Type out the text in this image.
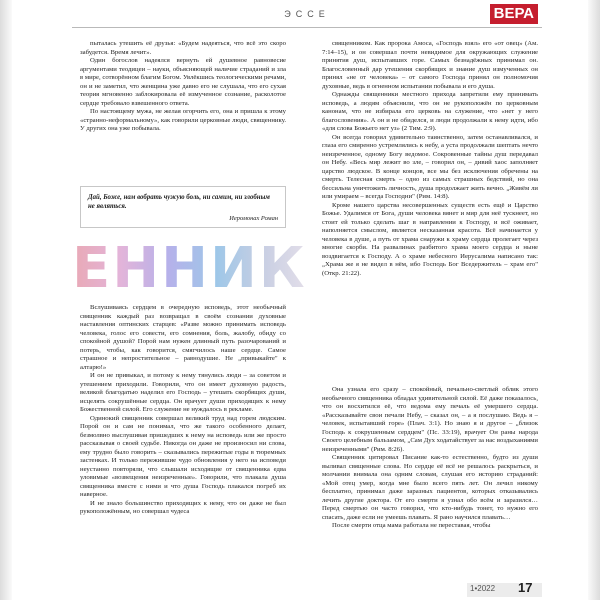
ЭССЕ	ВЕРА

пыталась утешить её друзья: «Будем надеяться, что всё это скоро забудется. Время лечит».

Один богослов надеялся вернуть ей душевное равновесие аргументами теодицеи – науки, объясняющей наличие страданий и зла в мире, сотворённом благим Богом. Увлёкшись теологическими речами, он и не заметил, что женщина уже давно его не слушала, что его сухая теория мгновенно заблокировала её измученное сознание, расколотое сердце требовало взвешенного ответа.

По настоящему мужа, не желая огорчить его, она и пришла к этому «странно-неформальному», как говорили церковные люди, священнику. У других она уже побывала.

Дай, Боже, нам вобрать чужую боль, ни самим, ни злобным не являться.
Иеромонах Роман
ЕННИК

Вслушиваясь сердцем в очередную исповедь, этот необычный священник каждый раз возвращал в своём сознании духовные наставления оптинских старцев: «Разве можно принимать исповедь человека, голос его совести, его сомнения, боль, жалобу, обиду со спокойной душой? Порой нам нужен длинный путь разочарований и потерь, чтобы, как говорится, смягчилось наше сердце. Самое страшное и непростительное – равнодушие. Не „привыкайте" к алтарю!»

И он не привыкал, и потому к нему тянулись люди – за советом и утешением приходили. Говорили, что он имеет духовную радость, великой благодатью наделил его Господь – утешать скорбящих души, исцелять сокрушённые сердца. Он врачует души приходящих к нему Божественной силой. Его служение не нуждалось в рекламе.

Одинокий священник совершал великий труд над горем людским. Порой он и сам не понимал, что же такого особенного делает, безмолвно выслушивая пришедших к нему на исповедь или же просто рассказывая о своей судьбе. Никогда он даже не произносил ни слова, ему трудно было говорить – сказывались пережитые годы в тюремных застенках. И только пережившие чудо обновления у него на исповеди неустанно повторяли, что слышали исходящие от священника едва уловимые «возвещения неизреченные». Говорили, что плакала душа священника вместе с ними и что душа Господь плакался погреб их наверное.

И не знало большинство приходящих к нему, что он даже не был рукоположённым, но совершал чудеса

священником. Как пророка Амоса, «Господь взял» его «от овец» (Ам. 7:14–15), и он совершал почти невидимое для окружающих служение принятия душ, испытавших горе. Самых безнадёжных принимал он. Благословенный дар утешения скорбящих и знание душ измученных он принял «не от человека» – от самого Господа принял он полномочия духовные, ведь в огненном испытании побывала и его душа.

Однажды священники местного прихода запретили ему принимать исповедь, а людям объяснили, что он не рукоположён по церковным канонам, что не избирала его церковь на служение, что «нет у него благословения». А он и не обиделся, и люди продолжали к нему идти, ибо «для слова Божьего нет уз» (2 Тим. 2:9).

Он всегда говорил удивительно таинственно, затем останавливался, и глаза его смиренно устремлялись к небу, а уста продолжали шептать нечто неизреченное, одному Богу ведомое. Сокровенные тайны душ передавал он Небу. «Весь мир лежит во зле, – говорил он, – дивий хаос заполняет царство людское. В конце концов, все мы без исключения обречены на смерть. Телесная смерть – одно из самых страшных бедствий, но она бессильна уничтожить личность, душа продолжает жить вечно. „Живём ли или умираем – всегда Господни" (Рим. 14:8).

Кроме нашего царства несовершенных существ есть ещё и Царство Божье. Удалимся от Бога, души человека вянет и мир для неё тускнеет, но стоит ей только сделать шаг в направлении к Господу, и всё оживает, наполняется смыслом, является несказанная красота. Всё начинается у человека в душе, а путь от храма снаружи к храму сердца пролегает через многие скорби. На развалинах разбитого храма моего сердца и ныне воздвигается к Господу. А о храме небесного Иерусалима написано так: „Храма же я не видел в нём, ибо Господь Бог Вседержитель – храм его" (Откр. 21:22).

Она узнала его сразу – спокойный, печально-светлый облик этого необычного священника обладал удивительной силой. Её даже показалось, что он восхитился её, что ведома ему печаль её умершего сердца. «Рассказывайте свои печали Небу, – сказал он, – а я послушаю. Ведь я – человек, испытавший горе» (Плач. 3:1). Но знаю я и другое – „близок Господь к сокрушенным сердцем" (Пс. 33:19), врачует Он раны народа Своего целебным бальзамом, „Сам Дух ходатайствует за нас воздыханиями неизреченными" (Рим. 8:26).

Священник цитировал Писание как-то естественно, будто из души выливал священные слова. Но сердце её всё не решалось раскрыться, и молчании внимала она одним словам, слушая его историю страданий: «Мой отец умер, когда мне было всего пять лет. Он лечил никому бесплатно, принимал даже заразных пациентов, которых отказывались лечить другие доктора. От его смерти я узнал обо всём и заразился… Перед смертью он часто говорил, что кто-нибудь тонет, то нужно его спасать, даже если не умеешь плавать. Я рано научился плавать…

После смерти отца мама работала не переставая, чтобы

1•2022 17
